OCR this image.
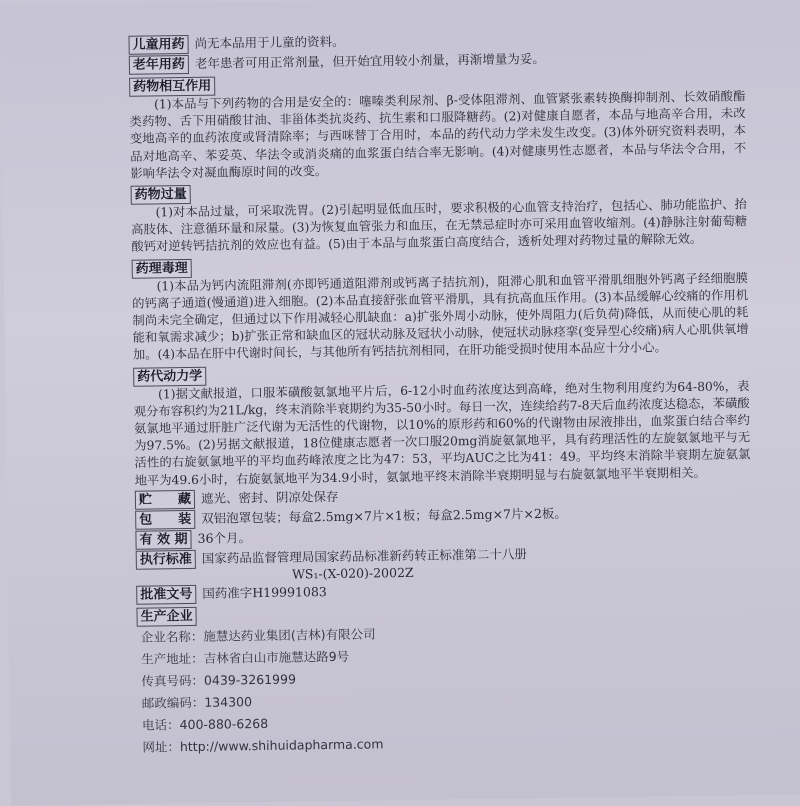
儿童用药 尚无本品用于儿童的资料。

老年用药 老年患者可用正常剂量，但开始宜用较小剂量，再渐增量为妥。

药物相互作用

(1)本品与下列药物的合用是安全的：噻嗪类利尿剂、β-受体阻滞剂、血管紧张素转换酶抑制剂、长效硝酸酯类药物、舌下用硝酸甘油、非甾体类抗炎药、抗生素和口服降糖药。(2)对健康自愿者，本品与地高辛合用，未改变地高辛的血药浓度或肾清除率；与西咪替丁合用时，本品的药代动力学未发生改变。(3)体外研究资料表明，本品对地高辛、苯妥英、华法令或消炎痛的血浆蛋白结合率无影响。(4)对健康男性志愿者，本品与华法令合用，不影响华法令对凝血酶原时间的改变。

药物过量

(1)对本品过量，可采取洗胃。(2)引起明显低血压时，要求积极的心血管支持治疗，包括心、肺功能监护、抬高肢体、注意循环量和尿量。(3)为恢复血管张力和血压，在无禁忌症时亦可采用血管收缩剂。(4)静脉注射葡萄糖酸钙对逆转钙拮抗剂的效应也有益。(5)由于本品与血浆蛋白高度结合，透析处理对药物过量的解除无效。

药理毒理

(1)本品为钙内流阻滞剂(亦即钙通道阻滞剂或钙离子拮抗剂)，阻滞心肌和血管平滑肌细胞外钙离子经细胞膜的钙离子通道(慢通道)进入细胞。(2)本品直接舒张血管平滑肌，具有抗高血压作用。(3)本品缓解心绞痛的作用机制尚未完全确定，但通过以下作用减轻心肌缺血：a)扩张外周小动脉，使外周阻力(后负荷)降低，从而使心肌的耗能和氧需求减少；b)扩张正常和缺血区的冠状动脉及冠状小动脉，使冠状动脉痉挛(变异型心绞痛)病人心肌供氧增加。(4)本品在肝中代谢时间长，与其他所有钙拮抗剂相同，在肝功能受损时使用本品应十分小心。

药代动力学

(1)据文献报道，口服苯磺酸氨氯地平片后，6-12小时血药浓度达到高峰，绝对生物利用度约为64-80%，表观分布容积约为21L/kg，终末消除半衰期约为35-50小时。每日一次，连续给药7-8天后血药浓度达稳态，苯磺酸氨氯地平通过肝脏广泛代谢为无活性的代谢物，以10%的原形药和60%的代谢物由尿液排出，血浆蛋白结合率约为97.5%。(2)另据文献报道，18位健康志愿者一次口服20mg消旋氨氯地平，具有药理活性的左旋氨氯地平与无活性的右旋氨氯地平的平均血药峰浓度之比为47：53，平均AUC之比为41：49。平均终末消除半衰期左旋氨氯地平为49.6小时，右旋氨氯地平为34.9小时，氨氯地平终末消除半衰期明显与右旋氨氯地平半衰期相关。

贮　　藏 遮光、密封、阴凉处保存

包　　装 双铝泡罩包装；每盒2.5mg×7片×1板；每盒2.5mg×7片×2板。

有 效 期 36个月。

执行标准 国家药品监督管理局国家药品标准新药转正标准第二十八册

WS₁-(X-020)-2002Z

批准文号 国药准字H19991083

生产企业

企业名称：施慧达药业集团(吉林)有限公司

生产地址：吉林省白山市施慧达路9号

传真号码：0439-3261999

邮政编码：134300

电话：400-880-6268

网址：http://www.shihuidapharma.com
